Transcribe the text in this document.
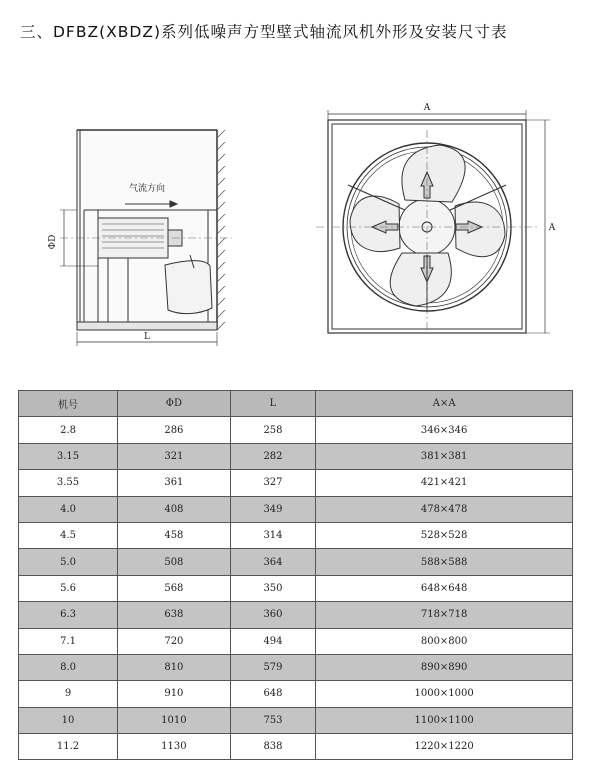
三、DFBZ(XBDZ)系列低噪声方型壁式轴流风机外形及安装尺寸表
气流方向
ΦD
L
A
A
机号	ΦD	L	A×A
2.8	286	258	346×346
3.15	321	282	381×381
3.55	361	327	421×421
4.0	408	349	478×478
4.5	458	314	528×528
5.0	508	364	588×588
5.6	568	350	648×648
6.3	638	360	718×718
7.1	720	494	800×800
8.0	810	579	890×890
9	910	648	1000×1000
10	1010	753	1100×1100
11.2	1130	838	1220×1220
